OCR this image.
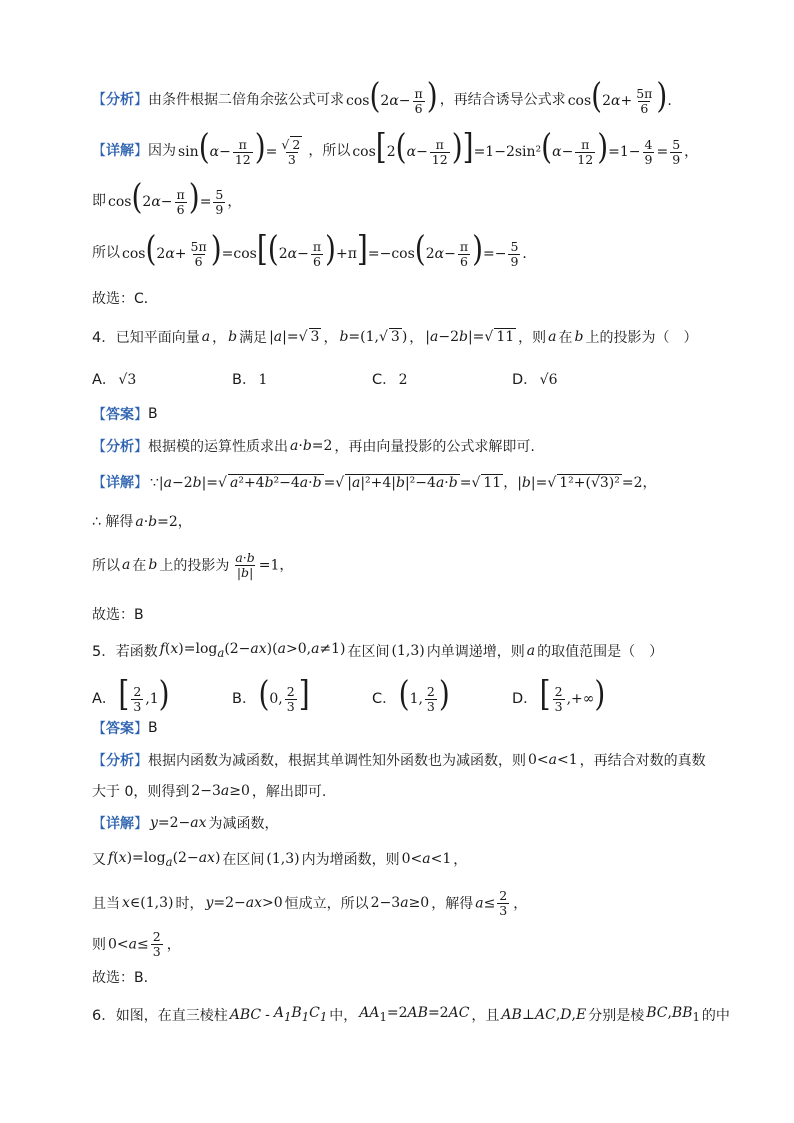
【分析】 由条件根据二倍角余弦公式可求 $\cos(2\alpha- \frac{\pi}{6}$ ) ，再结合诱导公式求 $\cos(2\alpha+ \frac{5\pi}{6}$ ).
【详解】 因为 $\sin(\alpha- \frac{\pi}{12}$ )= $\frac{√ 2}{3}$ ，所以 $\cos[2(\alpha- \frac{\pi}{12} )]=1-2\sin^2(\alpha- \frac{\pi}{12} )=1- \frac{4}{9} = \frac{5}{9}$ ，
即 $\cos(2\alpha- \frac{\pi}{6}$ )= $\frac{5}{9}$ ，
所以 $\cos(2\alpha+ \frac{5\pi}{6} )=\cos[(2\alpha- \frac{\pi}{6} )+\pi]=-\cos(2\alpha- \frac{\pi}{6}$ )=− $\frac{5}{9}$ ．
故选：C．
4． 已知平面向量 a ， b 满足 |a|=√ 3 ， b=(1,√ 3 ) ， |a−2b|=√ 11 ，则 a 在 b 上的投影为（　）
A． √3	B． 1	C． 2	D． √6
【答案】 B
【分析】 根据模的运算性质求出 a·b=2 ，再由向量投影的公式求解即可.
【详解】 ∵|a−2b|=√ a²+4b²−4a·b =√ |a|²+4|b|²−4a·b =√ 11 ，|b|=√ 1²+(√3)² =2，
∴ 解得 a·b=2，
所以 a 在 b 上的投影为 $\frac{a\cdot b}{|b|} =1$，
故选：B
5． 若函数 $f(x)=\log_a(2-ax)(a>0,a\ne 1)$ 在区间 (1,3) 内单调递增，则 a 的取值范围是（　）
A．[ $\frac{2}{3} ,1$)	B．(0, $\frac{2}{3}$ ]	C．(1, $\frac{2}{3}$ )	D．[ $\frac{2}{3}$ ,+∞)
【答案】 B
【分析】 根据内函数为减函数，根据其单调性知外函数也为减函数，则 0<a<1 ，再结合对数的真数
大于 0，则得到 2−3a≥0 ，解出即可.
【详解】 y=2−ax 为减函数，
又 $f(x)=\log_a(2-ax)$ 在区间 (1,3) 内为增函数，则 0<a<1 ，
且当 x∈(1,3) 时， y=2−ax>0 恒成立，所以 2−3a≥0 ，解得 $a\le \frac{2}{3}$ ，
则 $0<a\le \frac{2}{3}$ ，
故选：B.
6． 如图，在直三棱柱 ABC - $A_1B_1C_1$ 中， $AA_1=2AB=2AC$ ，且 AB⊥AC,D,E 分别是棱 $BC,BB_1$ 的中
